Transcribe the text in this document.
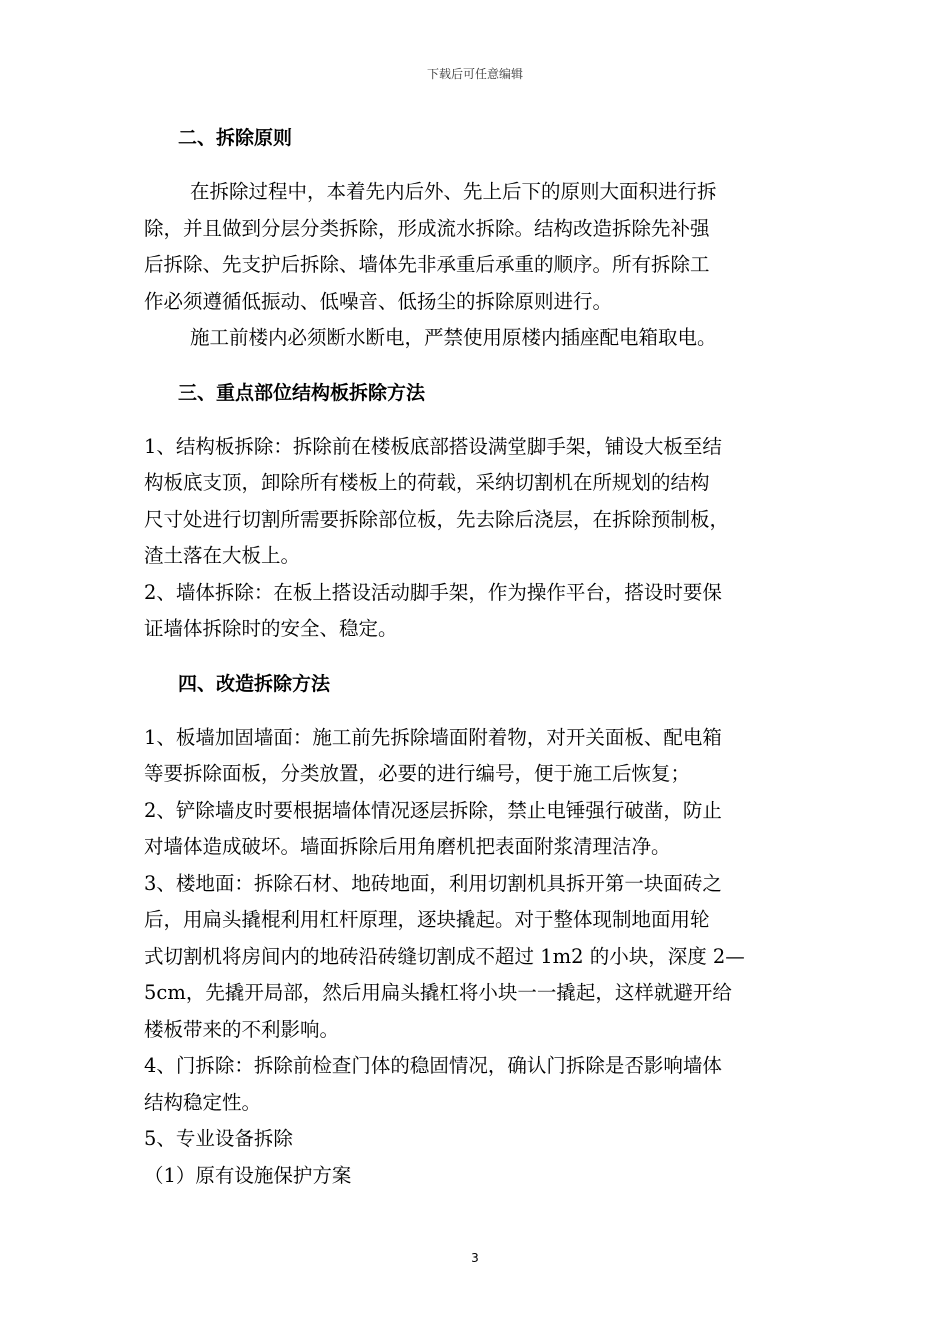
下载后可任意编辑
二、拆除原则

在拆除过程中，本着先内后外、先上后下的原则大面积进行拆

除，并且做到分层分类拆除，形成流水拆除。结构改造拆除先补强

后拆除、先支护后拆除、墙体先非承重后承重的顺序。所有拆除工

作必须遵循低振动、低噪音、低扬尘的拆除原则进行。

施工前楼内必须断水断电，严禁使用原楼内插座配电箱取电。

三、重点部位结构板拆除方法

1、结构板拆除：拆除前在楼板底部搭设满堂脚手架，铺设大板至结

构板底支顶，卸除所有楼板上的荷载，采纳切割机在所规划的结构

尺寸处进行切割所需要拆除部位板，先去除后浇层，在拆除预制板，

渣土落在大板上。

2、墙体拆除：在板上搭设活动脚手架，作为操作平台，搭设时要保

证墙体拆除时的安全、稳定。

四、改造拆除方法

1、板墙加固墙面：施工前先拆除墙面附着物，对开关面板、配电箱

等要拆除面板，分类放置，必要的进行编号，便于施工后恢复；

2、铲除墙皮时要根据墙体情况逐层拆除，禁止电锤强行破凿，防止

对墙体造成破坏。墙面拆除后用角磨机把表面附浆清理洁净。

3、楼地面：拆除石材、地砖地面，利用切割机具拆开第一块面砖之

后，用扁头撬棍利用杠杆原理，逐块撬起。对于整体现制地面用轮

式切割机将房间内的地砖沿砖缝切割成不超过 1m2 的小块，深度 2—

5cm，先撬开局部，然后用扁头撬杠将小块一一撬起，这样就避开给

楼板带来的不利影响。

4、门拆除：拆除前检查门体的稳固情况，确认门拆除是否影响墙体

结构稳定性。

5、专业设备拆除

（1）原有设施保护方案

3
